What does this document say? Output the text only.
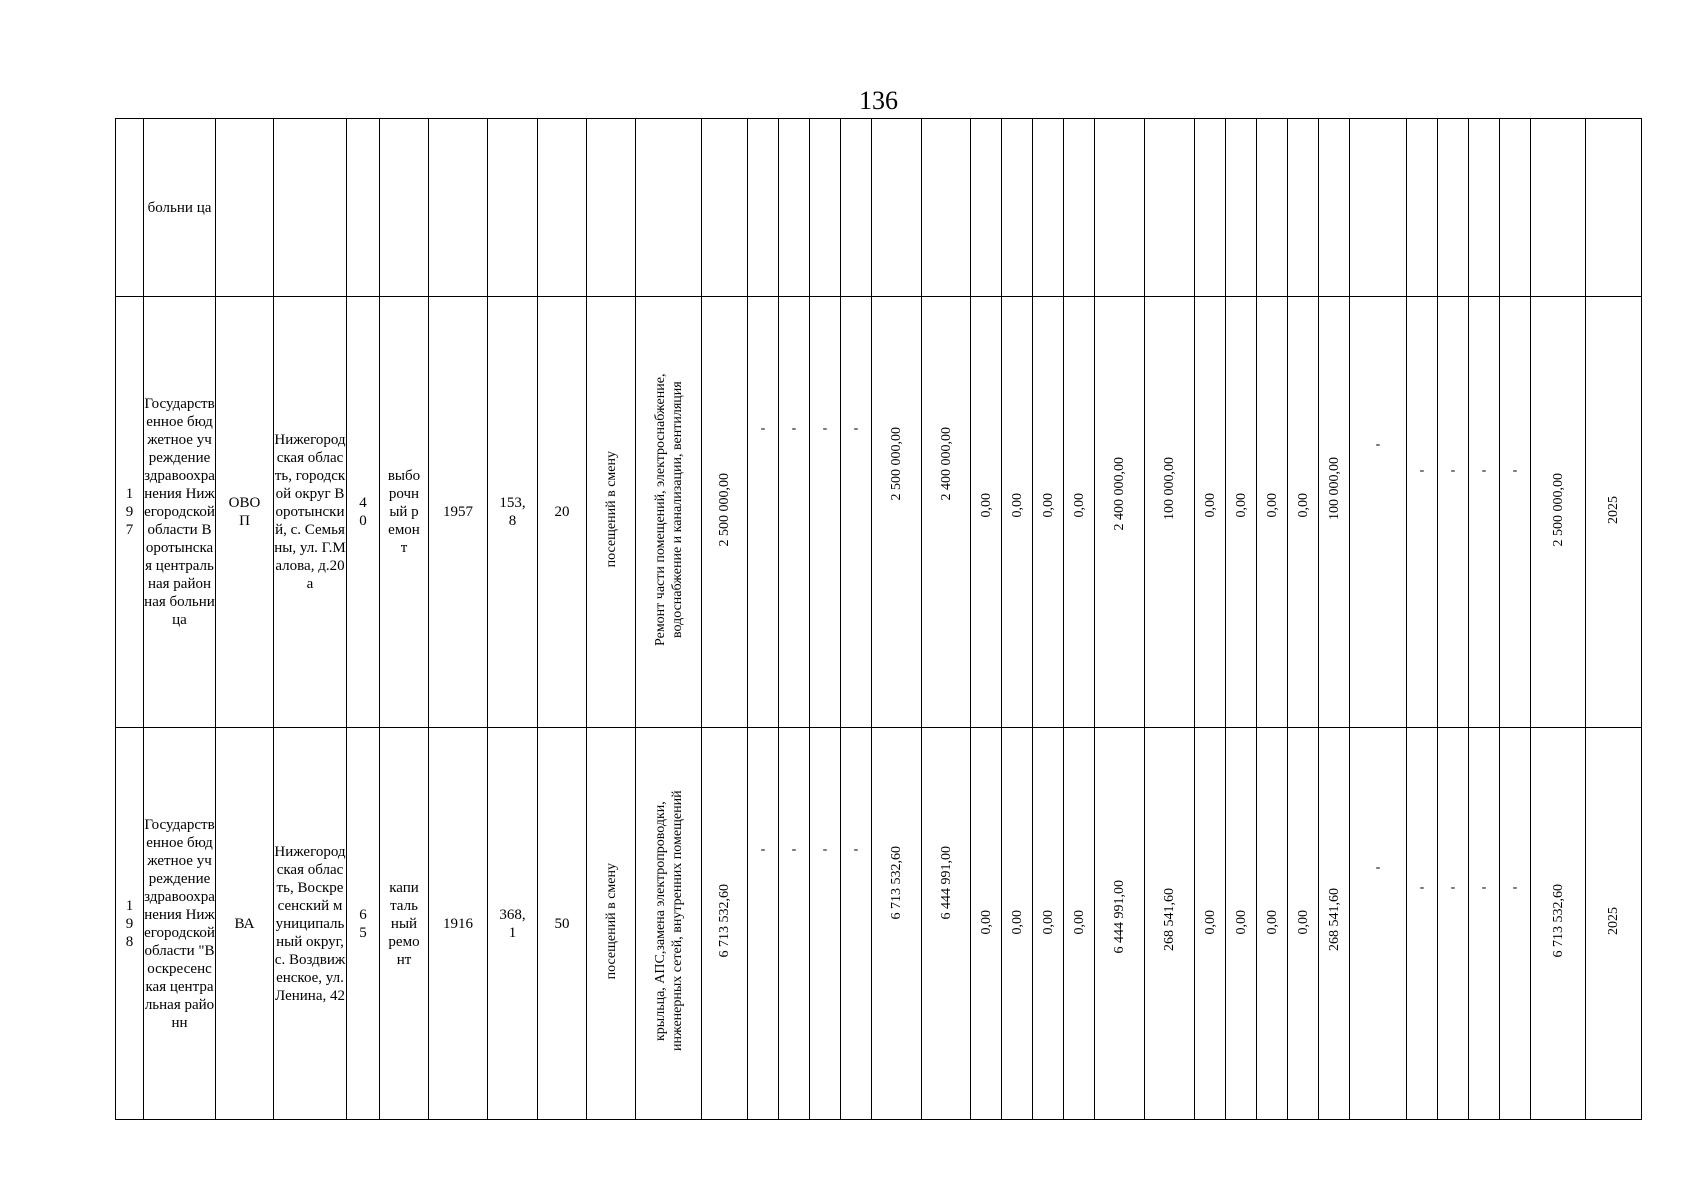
136
	больни ца																																		

197	Государственное бюджетное учреждение здравоохранения Нижегородской области Воротынская центральная районная больница	ОВОП	Нижегородская область, городской округ Воротынский, с. Семьяны, ул. Г.Малова, д.20а	40	выборочный ремонт	1957	153,8	20	посещений в смену	Ремонт части помещений, электроснабжение, водоснабжение и канализации, вентиляция	2 500 000,00	-	-	-	-	2 500 000,00	2 400 000,00	0,00	0,00	0,00	0,00	2 400 000,00	100 000,00	0,00	0,00	0,00	0,00	100 000,00	-	-	-	-	-	2 500 000,00	2025

198	Государственное бюджетное учреждение здравоохранения Нижегородской области "Воскресенская центральная районн	ВА	Нижегородская область, Воскресенский муниципальный округ, с. Воздвиженское, ул.Ленина, 42	65	капитальный ремонт	1916	368,1	50	посещений в смену	крыльца, АПС,замена электропроводки, инженерных сетей, внутренних помещений	6 713 532,60	-	-	-	-	6 713 532,60	6 444 991,00	0,00	0,00	0,00	0,00	6 444 991,00	268 541,60	0,00	0,00	0,00	0,00	268 541,60	-	-	-	-	-	6 713 532,60	2025
